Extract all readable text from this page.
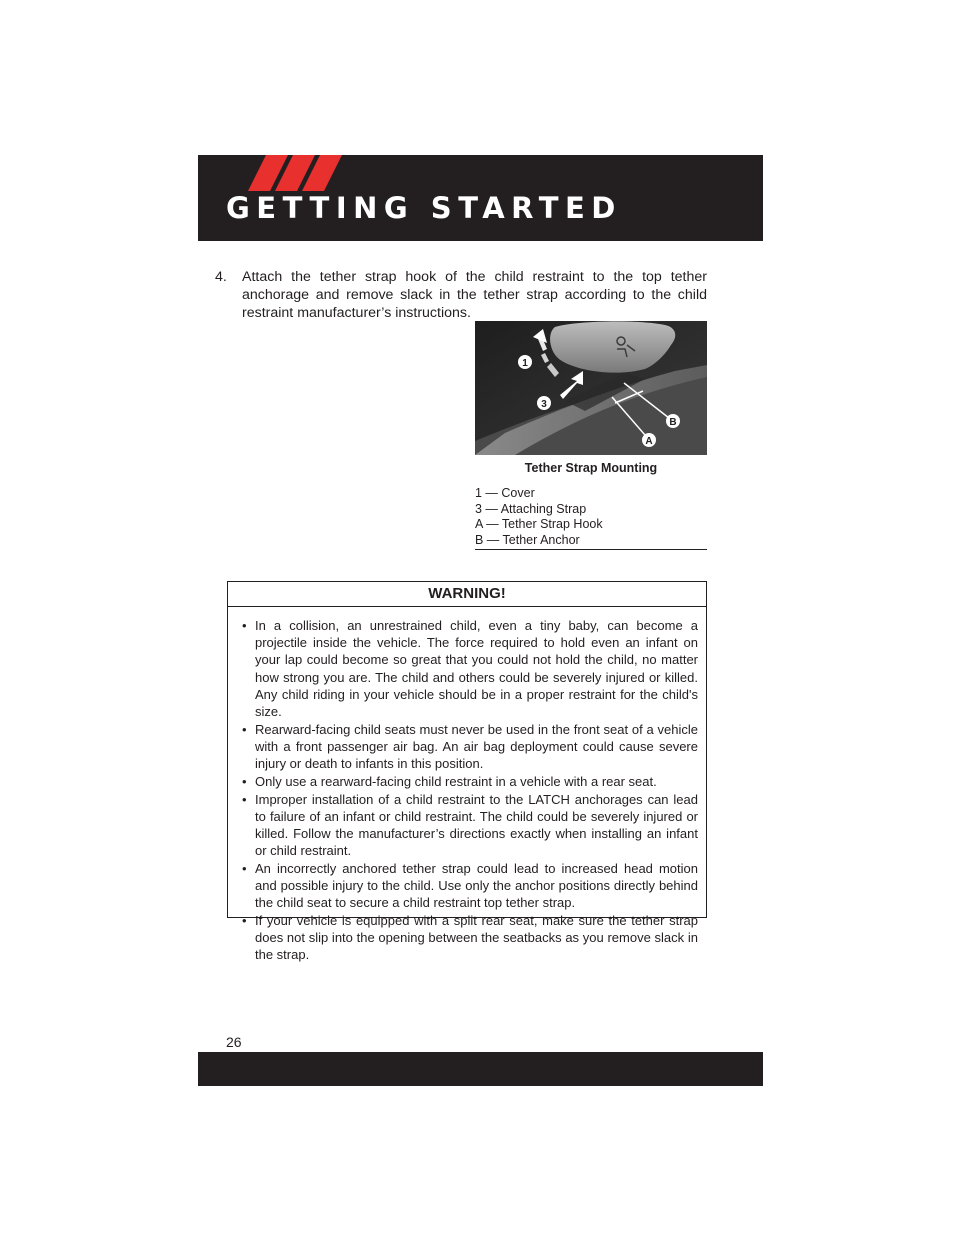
GETTING STARTED
4.	Attach the tether strap hook of the child restraint to the top tether anchorage and remove slack in the tether strap according to the child restraint manufacturer’s instructions.
1
3
B
A
Tether Strap Mounting
1 — Cover
3 — Attaching Strap
A — Tether Strap Hook
B — Tether Anchor
WARNING!
• In a collision, an unrestrained child, even a tiny baby, can become a projectile inside the vehicle. The force required to hold even an infant on your lap could become so great that you could not hold the child, no matter how strong you are. The child and others could be severely injured or killed. Any child riding in your vehicle should be in a proper restraint for the child's size.
• Rearward-facing child seats must never be used in the front seat of a vehicle with a front passenger air bag. An air bag deployment could cause severe injury or death to infants in this position.
• Only use a rearward-facing child restraint in a vehicle with a rear seat.
• Improper installation of a child restraint to the LATCH anchorages can lead to failure of an infant or child restraint. The child could be severely injured or killed. Follow the manufacturer’s directions exactly when installing an infant or child restraint.
• An incorrectly anchored tether strap could lead to increased head motion and possible injury to the child. Use only the anchor positions directly behind the child seat to secure a child restraint top tether strap.
• If your vehicle is equipped with a split rear seat, make sure the tether strap does not slip into the opening between the seatbacks as you remove slack in the strap.
26
